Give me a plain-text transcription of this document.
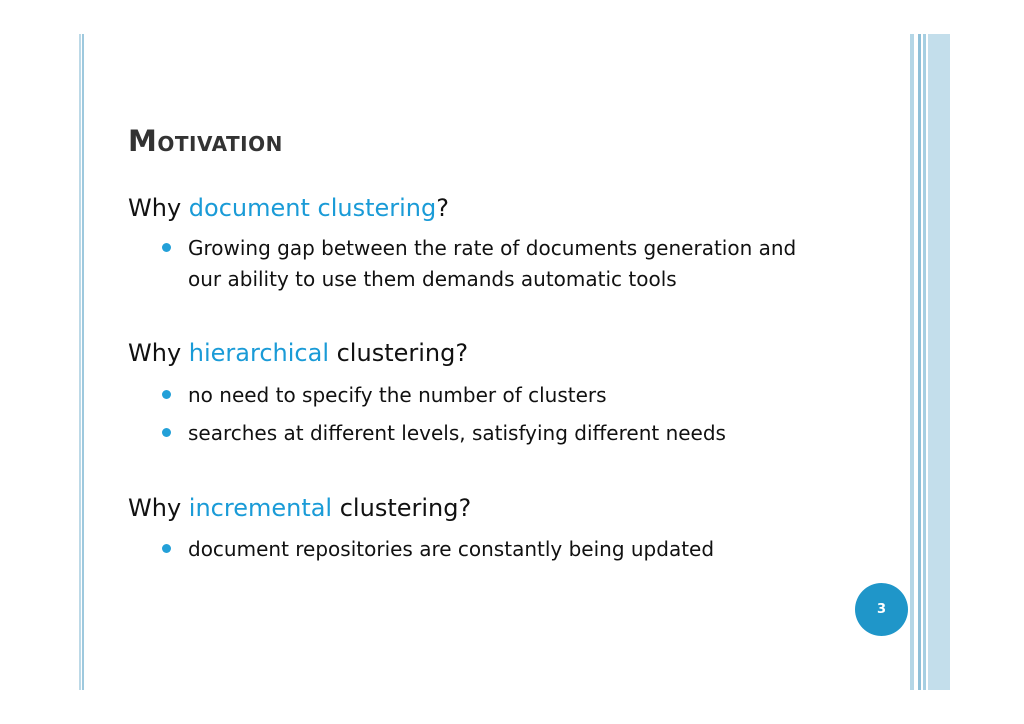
Motivation
Why document clustering?
Growing gap between the rate of documents generation and
our ability to use them demands automatic tools
Why hierarchical clustering?
no need to specify the number of clusters
searches at different levels, satisfying different needs
Why incremental clustering?
document repositories are constantly being updated
3
